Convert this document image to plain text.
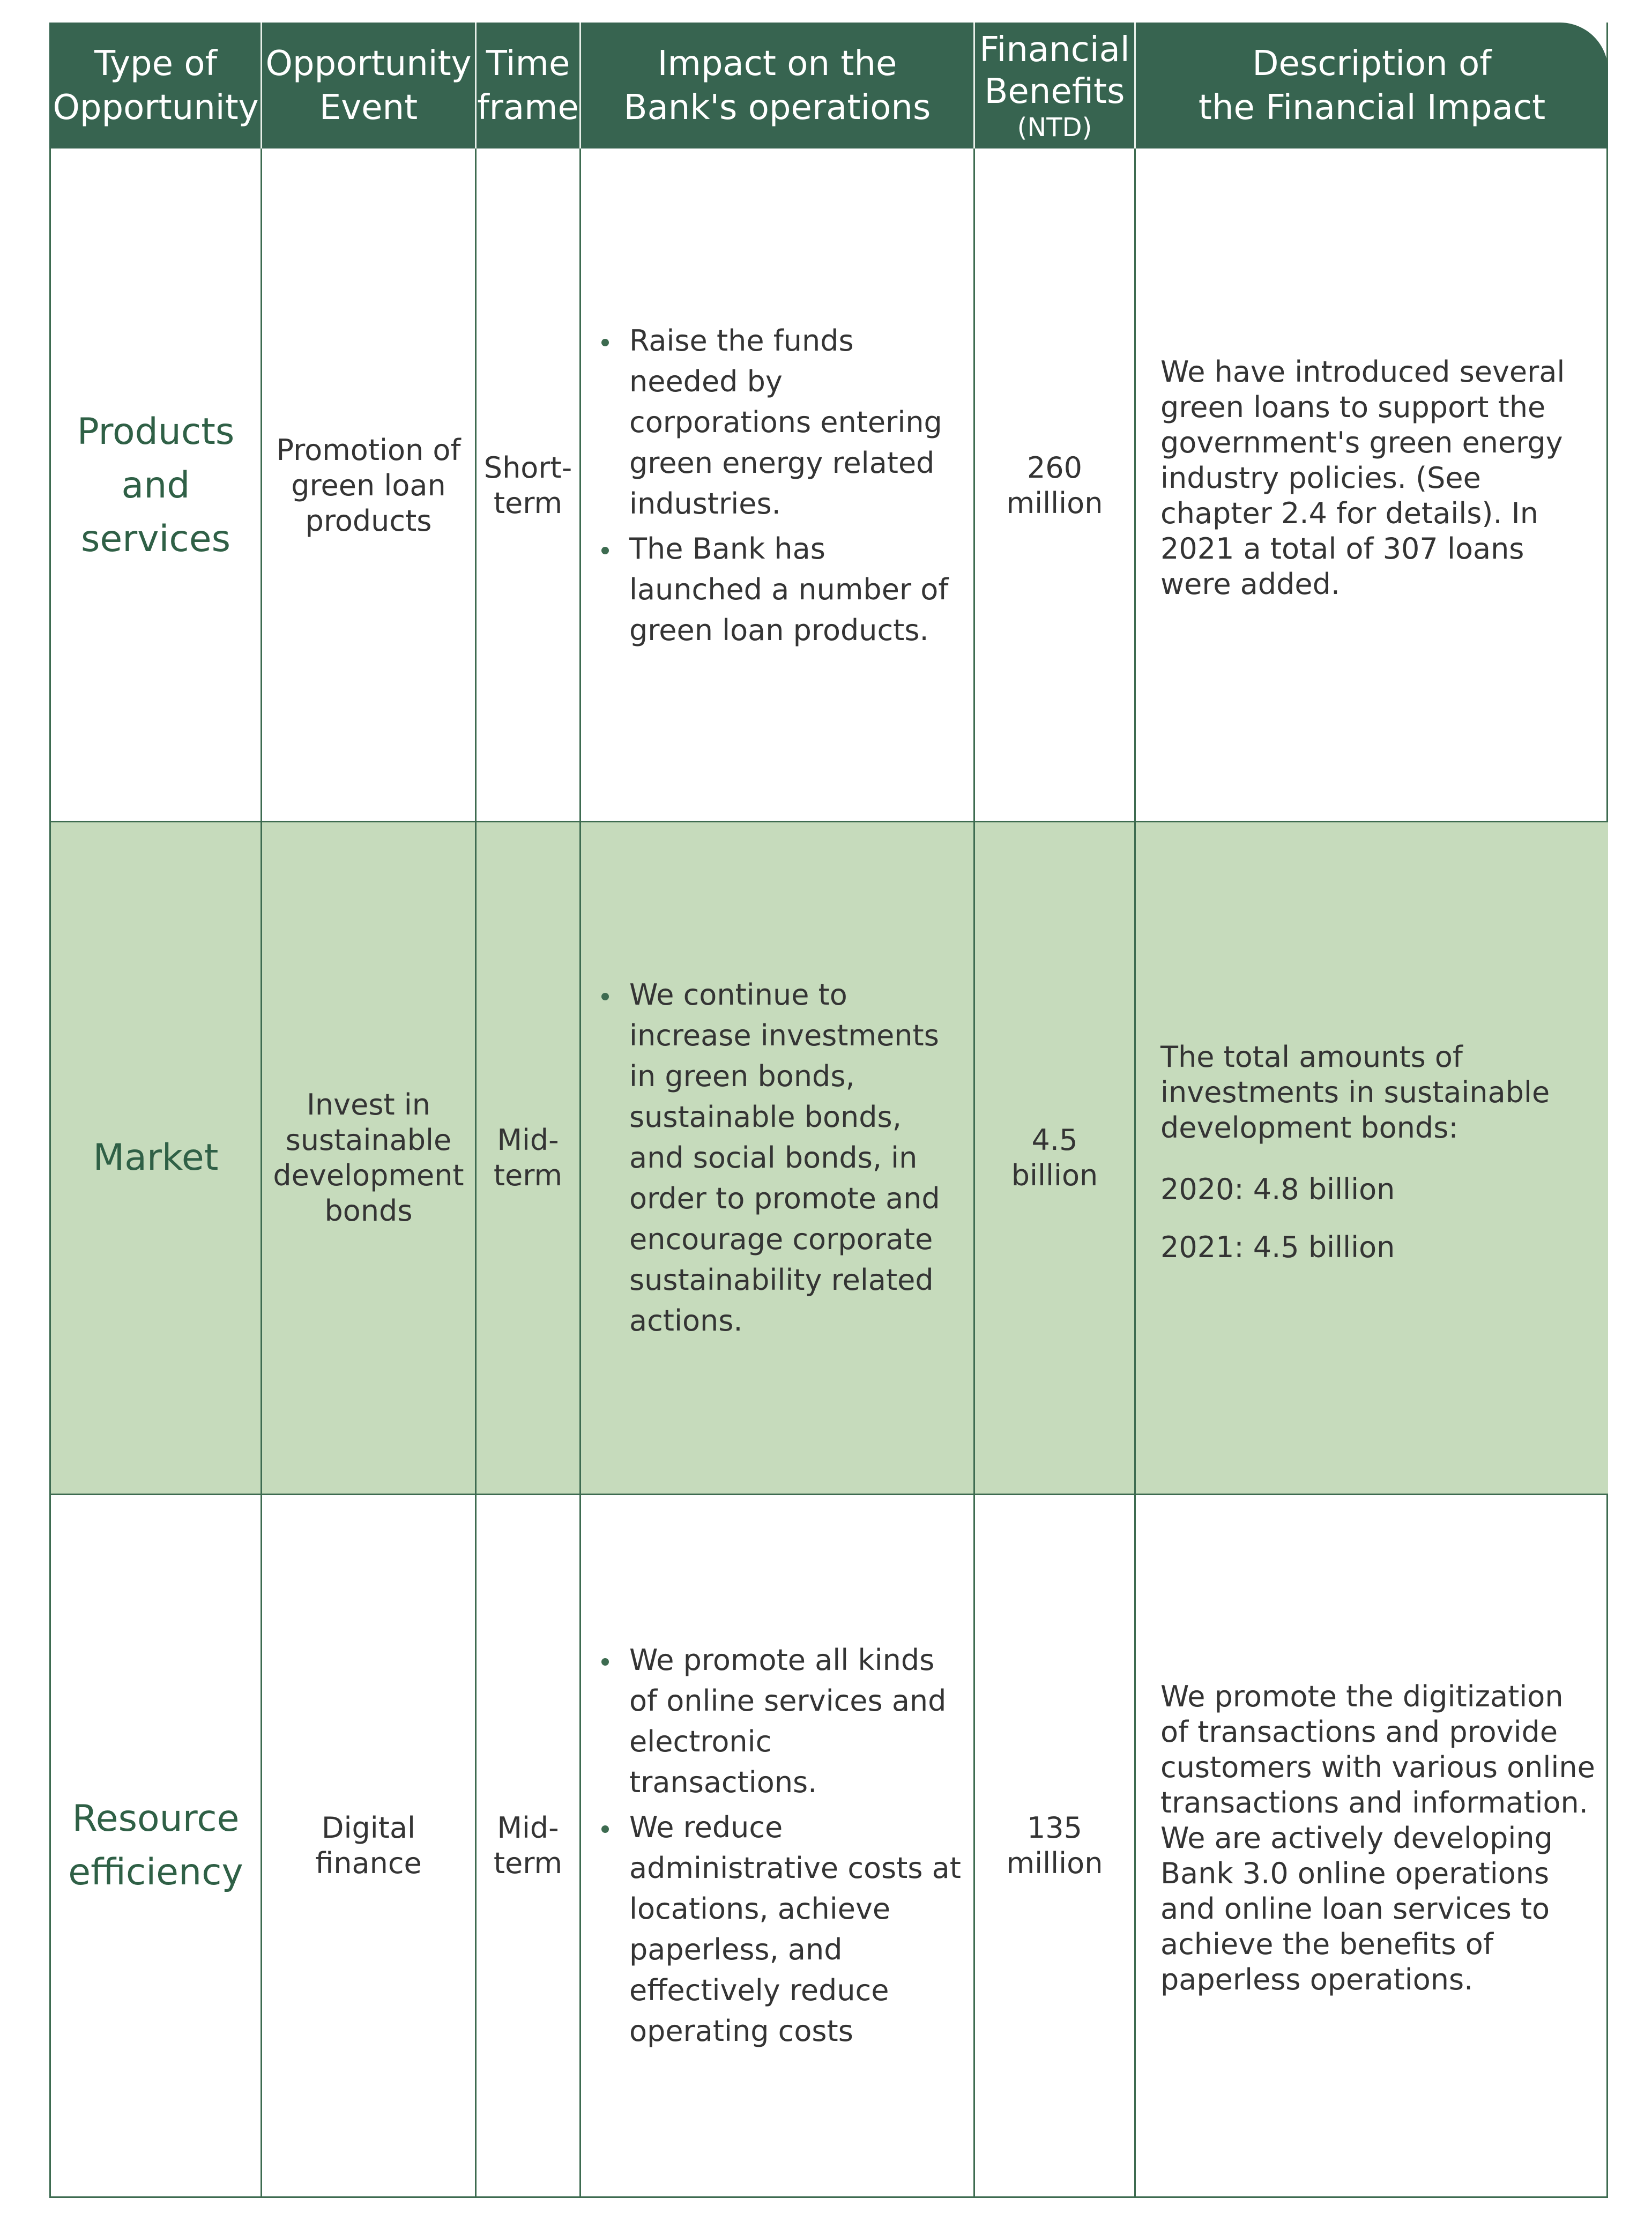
Type of
Opportunity
Opportunity
Event
Time
frame
Impact on the
Bank's operations
Financial
Benefits
(NTD)
Description of
the Financial Impact
Products
and
services
Promotion of
green loan
products
Short-
term
Raise the funds needed by corporations entering green energy related industries.
The Bank has launched a number of green loan products.
260
million
We have introduced several green loans to support the government's green energy industry policies. (See chapter 2.4 for details). In 2021 a total of 307 loans were added.
Market
Invest in
sustainable
development
bonds
Mid-
term
We continue to increase investments in green bonds, sustainable bonds, and social bonds, in order to promote and encourage corporate sustainability related actions.
4.5
billion
The total amounts of investments in sustainable development bonds:
2020: 4.8 billion
2021: 4.5 billion
Resource
efficiency
Digital
finance
Mid-
term
We promote all kinds of online services and electronic transactions.
We reduce administrative costs at locations, achieve paperless, and effectively reduce operating costs
135
million
We promote the digitization of transactions and provide customers with various online transactions and information. We are actively developing Bank 3.0 online operations and online loan services to achieve the benefits of paperless operations.
